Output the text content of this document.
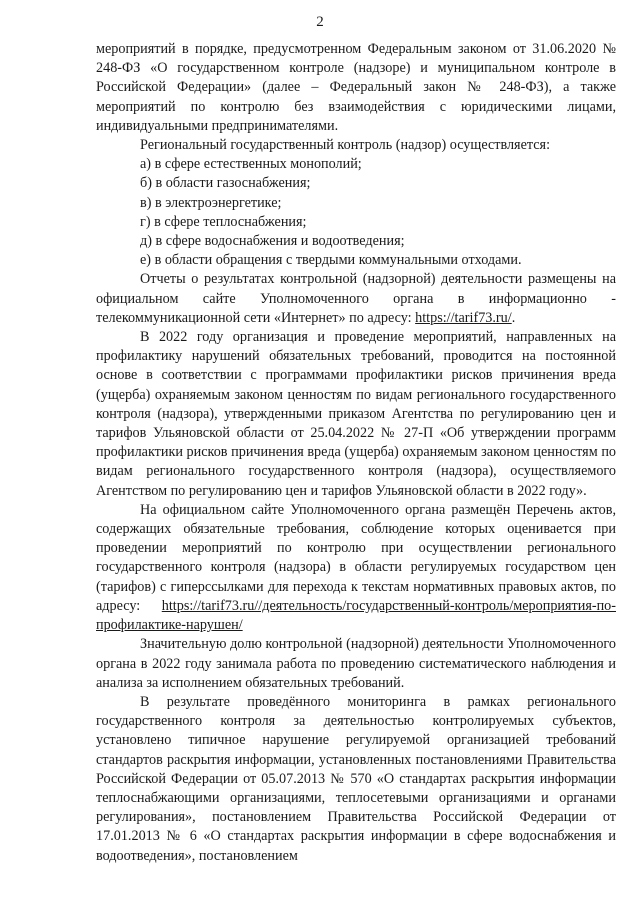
2

мероприятий в порядке, предусмотренном Федеральным законом от 31.06.2020 № 248-ФЗ «О государственном контроле (надзоре) и муниципальном контроле в Российской Федерации» (далее – Федеральный закон № 248-ФЗ), а также мероприятий по контролю без взаимодействия с юридическими лицами, индивидуальными предпринимателями.

Региональный государственный контроль (надзор) осуществляется:

а) в сфере естественных монополий;

б) в области газоснабжения;

в) в электроэнергетике;

г) в сфере теплоснабжения;

д) в сфере водоснабжения и водоотведения;

е) в области обращения с твердыми коммунальными отходами.

Отчеты о результатах контрольной (надзорной) деятельности размещены на официальном сайте Уполномоченного органа в информационно - телекоммуникационной сети «Интернет» по адресу: https://tarif73.ru/.

В 2022 году организация и проведение мероприятий, направленных на профилактику нарушений обязательных требований, проводится на постоянной основе в соответствии с программами профилактики рисков причинения вреда (ущерба) охраняемым законом ценностям по видам регионального государственного контроля (надзора), утвержденными приказом Агентства по регулированию цен и тарифов Ульяновской области от 25.04.2022 № 27-П «Об утверждении программ профилактики рисков причинения вреда (ущерба) охраняемым законом ценностям по видам регионального государственного контроля (надзора), осуществляемого Агентством по регулированию цен и тарифов Ульяновской области в 2022 году».

На официальном сайте Уполномоченного органа размещён Перечень актов, содержащих обязательные требования, соблюдение которых оценивается при проведении мероприятий по контролю при осуществлении регионального государственного контроля (надзора) в области регулируемых государством цен (тарифов) с гиперссылками для перехода к текстам нормативных правовых актов, по адресу: https://tarif73.ru//деятельность/государственный-контроль/мероприятия-по-профилактике-нарушен/

Значительную долю контрольной (надзорной) деятельности Уполномоченного органа в 2022 году занимала работа по проведению систематического наблюдения и анализа за исполнением обязательных требований.

В результате проведённого мониторинга в рамках регионального государственного контроля за деятельностью контролируемых субъектов, установлено типичное нарушение регулируемой организацией требований стандартов раскрытия информации, установленных постановлениями Правительства Российской Федерации от 05.07.2013 № 570 «О стандартах раскрытия информации теплоснабжающими организациями, теплосетевыми организациями и органами регулирования», постановлением Правительства Российской Федерации от 17.01.2013 № 6 «О стандартах раскрытия информации в сфере водоснабжения и водоотведения», постановлением
